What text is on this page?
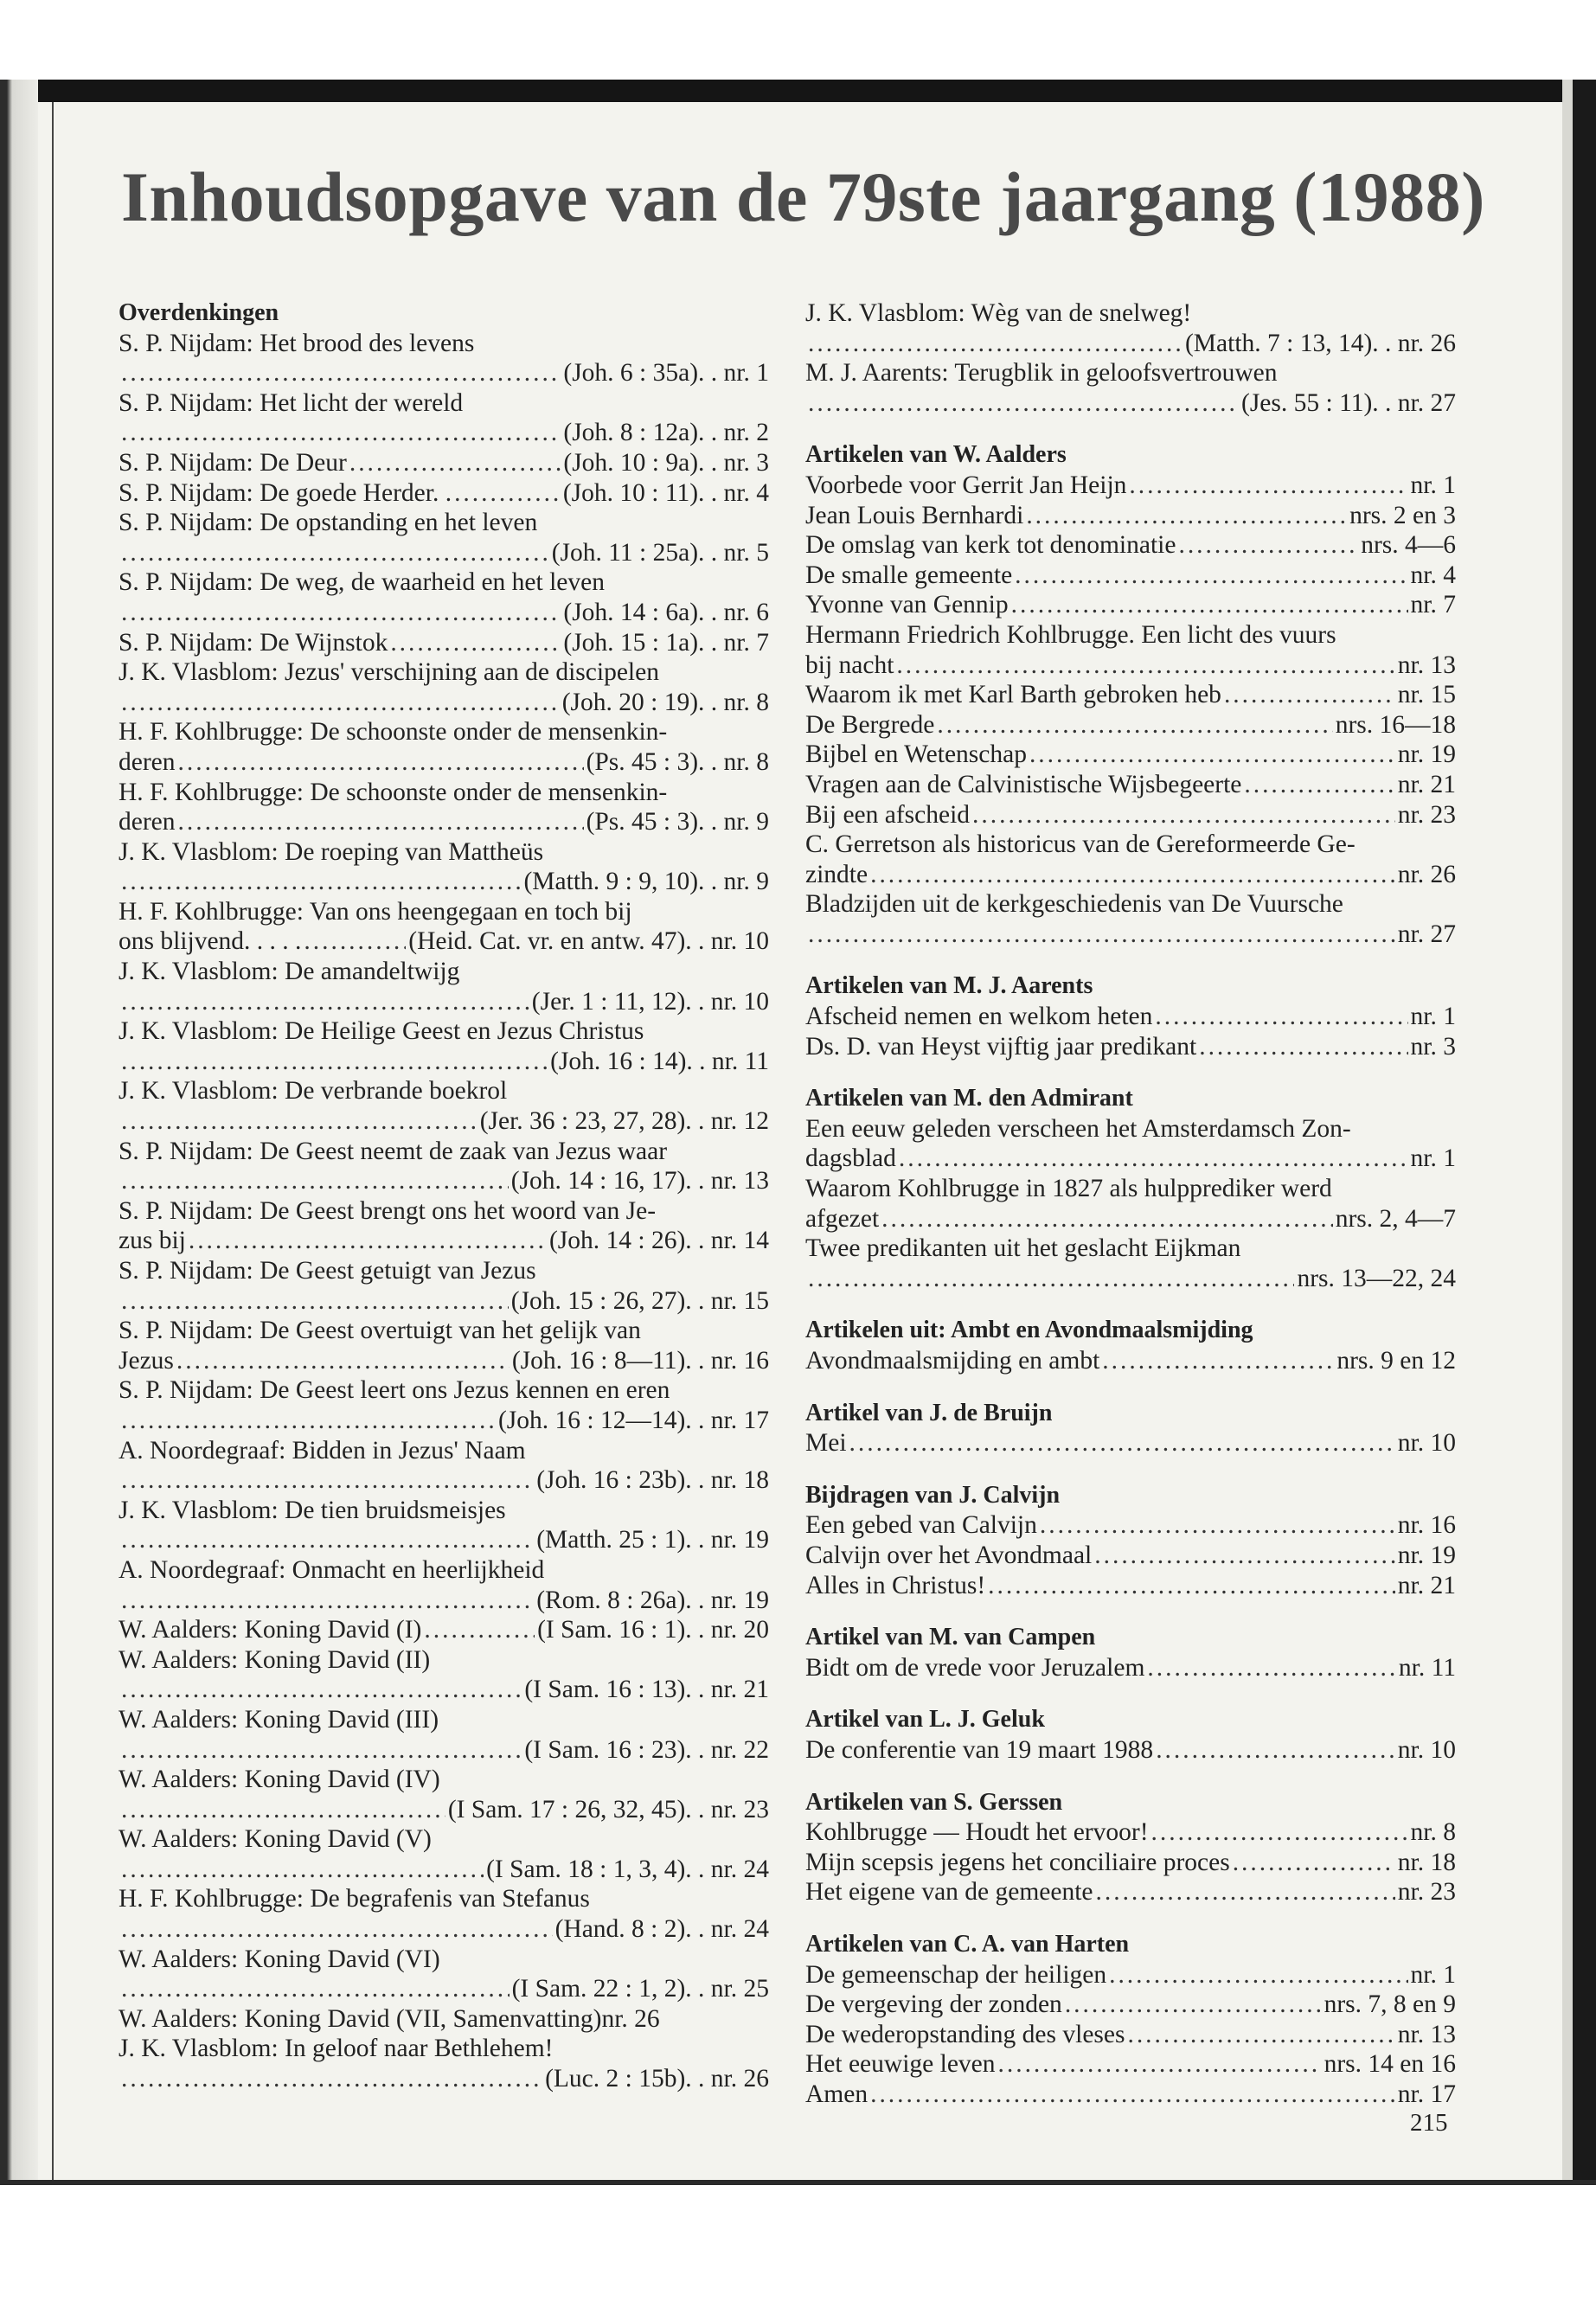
Inhoudsopgave van de 79ste jaargang (1988)
Overdenkingen
S. P. Nijdam: Het brood des levens
. . .
(Joh. 6 : 35a). . nr. 1
S. P. Nijdam: Het licht der wereld
. . .
(Joh. 8 : 12a). . nr. 2
S. P. Nijdam: De Deur . . .	(Joh. 10 : 9a). . nr. 3
S. P. Nijdam: De goede Herder. . . . .	(Joh. 10 : 11). . nr. 4
S. P. Nijdam: De opstanding en het leven
. . .
(Joh. 11 : 25a). . nr. 5
S. P. Nijdam: De weg, de waarheid en het leven
. . .
(Joh. 14 : 6a). . nr. 6
S. P. Nijdam: De Wijnstok . . .	(Joh. 15 : 1a). . nr. 7
J. K. Vlasblom: Jezus' verschijning aan de discipelen
. . .
(Joh. 20 : 19). . nr. 8
H. F. Kohlbrugge: De schoonste onder de mensenkin-
deren . . .	(Ps. 45 : 3). . nr. 8
H. F. Kohlbrugge: De schoonste onder de mensenkin-
deren . . .	(Ps. 45 : 3). . nr. 9
J. K. Vlasblom: De roeping van Mattheüs
. . .
(Matth. 9 : 9, 10). . nr. 9
H. F. Kohlbrugge: Van ons heengegaan en toch bij
ons blijvend. . . . . . . .	(Heid. Cat. vr. en antw. 47). . nr. 10
J. K. Vlasblom: De amandeltwijg
. . .
(Jer. 1 : 11, 12). . nr. 10
J. K. Vlasblom: De Heilige Geest en Jezus Christus
. . .
(Joh. 16 : 14). . nr. 11
J. K. Vlasblom: De verbrande boekrol
. . .
(Jer. 36 : 23, 27, 28). . nr. 12
S. P. Nijdam: De Geest neemt de zaak van Jezus waar
. . .
(Joh. 14 : 16, 17). . nr. 13
S. P. Nijdam: De Geest brengt ons het woord van Je-
zus bij . . .	(Joh. 14 : 26). . nr. 14
S. P. Nijdam: De Geest getuigt van Jezus
. . .
(Joh. 15 : 26, 27). . nr. 15
S. P. Nijdam: De Geest overtuigt van het gelijk van
Jezus . . .	(Joh. 16 : 8—11). . nr. 16
S. P. Nijdam: De Geest leert ons Jezus kennen en eren
. . .
(Joh. 16 : 12—14). . nr. 17
A. Noordegraaf: Bidden in Jezus' Naam
. . .
(Joh. 16 : 23b). . nr. 18
J. K. Vlasblom: De tien bruidsmeisjes
. . .
(Matth. 25 : 1). . nr. 19
A. Noordegraaf: Onmacht en heerlijkheid
. . .
(Rom. 8 : 26a). . nr. 19
W. Aalders: Koning David (I) . . .	(I Sam. 16 : 1). . nr. 20
W. Aalders: Koning David (II)
. . .
(I Sam. 16 : 13). . nr. 21
W. Aalders: Koning David (III)
. . .
(I Sam. 16 : 23). . nr. 22
W. Aalders: Koning David (IV)
. . .
(I Sam. 17 : 26, 32, 45). . nr. 23
W. Aalders: Koning David (V)
. . .
(I Sam. 18 : 1, 3, 4). . nr. 24
H. F. Kohlbrugge: De begrafenis van Stefanus
. . .
(Hand. 8 : 2). . nr. 24
W. Aalders: Koning David (VI)
. . .
(I Sam. 22 : 1, 2). . nr. 25
W. Aalders: Koning David (VII, Samenvatting)nr. 26
J. K. Vlasblom: In geloof naar Bethlehem!
. . .
(Luc. 2 : 15b). . nr. 26
J. K. Vlasblom: Wèg van de snelweg!
. . .
(Matth. 7 : 13, 14). . nr. 26
M. J. Aarents: Terugblik in geloofsvertrouwen
. . .
(Jes. 55 : 11). . nr. 27
Artikelen van W. Aalders
Voorbede voor Gerrit Jan Heijn . . .	nr. 1
Jean Louis Bernhardi . . .	nrs. 2 en 3
De omslag van kerk tot denominatie . . .	nrs. 4—6
De smalle gemeente . . .	nr. 4
Yvonne van Gennip . . .	nr. 7
Hermann Friedrich Kohlbrugge. Een licht des vuurs
bij nacht . . .	nr. 13
Waarom ik met Karl Barth gebroken heb . . .	nr. 15
De Bergrede . . .	nrs. 16—18
Bijbel en Wetenschap . . .	nr. 19
Vragen aan de Calvinistische Wijsbegeerte . . .	nr. 21
Bij een afscheid . . .	nr. 23
C. Gerretson als historicus van de Gereformeerde Ge-
zindte . . .	nr. 26
Bladzijden uit de kerkgeschiedenis van De Vuursche
. . .
nr. 27
Artikelen van M. J. Aarents
Afscheid nemen en welkom heten . . .	nr. 1
Ds. D. van Heyst vijftig jaar predikant . . .	nr. 3
Artikelen van M. den Admirant
Een eeuw geleden verscheen het Amsterdamsch Zon-
dagsblad . . .	nr. 1
Waarom Kohlbrugge in 1827 als hulpprediker werd
afgezet . . .	nrs. 2, 4—7
Twee predikanten uit het geslacht Eijkman
. . .
nrs. 13—22, 24
Artikelen uit: Ambt en Avondmaalsmijding
Avondmaalsmijding en ambt . . .	nrs. 9 en 12
Artikel van J. de Bruijn
Mei . . .	nr. 10
Bijdragen van J. Calvijn
Een gebed van Calvijn . . .	nr. 16
Calvijn over het Avondmaal . . .	nr. 19
Alles in Christus! . . .	nr. 21
Artikel van M. van Campen
Bidt om de vrede voor Jeruzalem . . .	nr. 11
Artikel van L. J. Geluk
De conferentie van 19 maart 1988 . . .	nr. 10
Artikelen van S. Gerssen
Kohlbrugge — Houdt het ervoor! . . .	nr. 8
Mijn scepsis jegens het conciliaire proces . . .	nr. 18
Het eigene van de gemeente . . .	nr. 23
Artikelen van C. A. van Harten
De gemeenschap der heiligen . . .	nr. 1
De vergeving der zonden . . .	nrs. 7, 8 en 9
De wederopstanding des vleses . . .	nr. 13
Het eeuwige leven . . .	nrs. 14 en 16
Amen . . .	nr. 17
215
